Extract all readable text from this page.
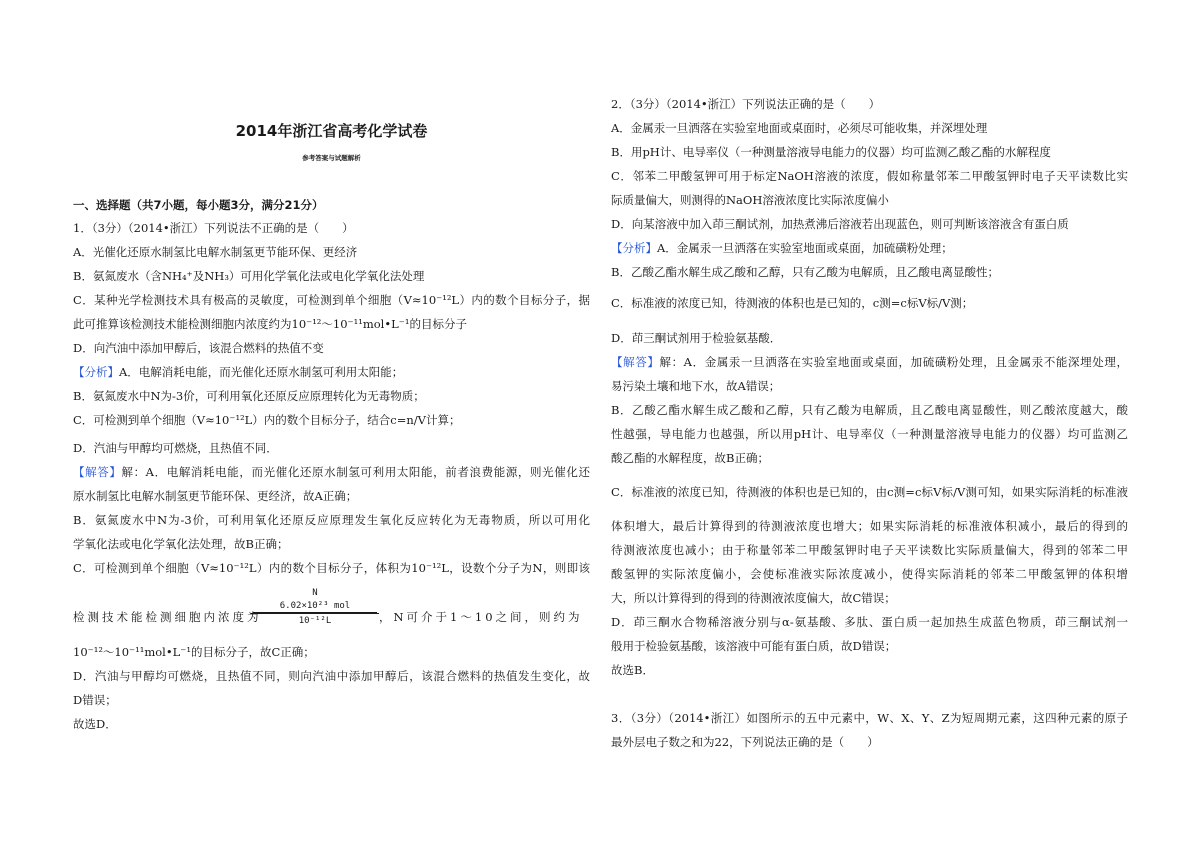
2014年浙江省高考化学试卷
参考答案与试题解析
一、选择题（共7小题，每小题3分，满分21分）
1．（3分）（2014•浙江）下列说法不正确的是（　　）
A．光催化还原水制氢比电解水制氢更节能环保、更经济
B．氨氮废水（含NH₄⁺及NH₃）可用化学氧化法或电化学氧化法处理
C．某种光学检测技术具有极高的灵敏度，可检测到单个细胞（V≈10⁻¹²L）内的数个目标分子，据
此可推算该检测技术能检测细胞内浓度约为10⁻¹²～10⁻¹¹mol•L⁻¹的目标分子
D．向汽油中添加甲醇后，该混合燃料的热值不变
【分析】A．电解消耗电能，而光催化还原水制氢可利用太阳能；
B．氨氮废水中N为-3价，可利用氧化还原反应原理转化为无毒物质；
C．可检测到单个细胞（V≈10⁻¹²L）内的数个目标分子，结合c=n/V计算；
D．汽油与甲醇均可燃烧，且热值不同．
【解答】解：A．电解消耗电能，而光催化还原水制氢可利用太阳能，前者浪费能源，则光催化还
原水制氢比电解水制氢更节能环保、更经济，故A正确；
B．氨氮废水中N为-3价，可利用氧化还原反应原理发生氧化反应转化为无毒物质，所以可用化
学氧化法或电化学氧化法处理，故B正确；
C．可检测到单个细胞（V≈10⁻¹²L）内的数个目标分子，体积为10⁻¹²L，设数个分子为N，则即该
检测技术能检测细胞内浓度为
N
6.02×10²³ mol
10⁻¹²L	，N可介于1～10之间，则约为
10⁻¹²～10⁻¹¹mol•L⁻¹的目标分子，故C正确；
D．汽油与甲醇均可燃烧，且热值不同，则向汽油中添加甲醇后，该混合燃料的热值发生变化，故
D错误；
故选D．
2．（3分）（2014•浙江）下列说法正确的是（　　）
A．金属汞一旦洒落在实验室地面或桌面时，必须尽可能收集，并深埋处理
B．用pH计、电导率仪（一种测量溶液导电能力的仪器）均可监测乙酸乙酯的水解程度
C．邻苯二甲酸氢钾可用于标定NaOH溶液的浓度，假如称量邻苯二甲酸氢钾时电子天平读数比实
际质量偏大，则测得的NaOH溶液浓度比实际浓度偏小
D．向某溶液中加入茚三酮试剂，加热煮沸后溶液若出现蓝色，则可判断该溶液含有蛋白质
【分析】A．金属汞一旦洒落在实验室地面或桌面，加硫磺粉处理；
B．乙酸乙酯水解生成乙酸和乙醇，只有乙酸为电解质，且乙酸电离显酸性；
C．标准液的浓度已知，待测液的体积也是已知的，c测=c标V标/V测；
D．茚三酮试剂用于检验氨基酸．
【解答】解：A．金属汞一旦洒落在实验室地面或桌面，加硫磺粉处理，且金属汞不能深埋处理，
易污染土壤和地下水，故A错误；
B．乙酸乙酯水解生成乙酸和乙醇，只有乙酸为电解质，且乙酸电离显酸性，则乙酸浓度越大，酸
性越强，导电能力也越强，所以用pH计、电导率仪（一种测量溶液导电能力的仪器）均可监测乙
酸乙酯的水解程度，故B正确；
C．标准液的浓度已知，待测液的体积也是已知的，由c测=c标V标/V测可知，如果实际消耗的标准液
体积增大，最后计算得到的待测液浓度也增大；如果实际消耗的标准液体积减小，最后的得到的
待测液浓度也减小；由于称量邻苯二甲酸氢钾时电子天平读数比实际质量偏大，得到的邻苯二甲
酸氢钾的实际浓度偏小，会使标准液实际浓度减小，使得实际消耗的邻苯二甲酸氢钾的体积增
大，所以计算得到的得到的待测液浓度偏大，故C错误；
D．茚三酮水合物稀溶液分别与α-氨基酸、多肽、蛋白质一起加热生成蓝色物质，茚三酮试剂一
般用于检验氨基酸，该溶液中可能有蛋白质，故D错误；
故选B．
3．（3分）（2014•浙江）如图所示的五中元素中，W、X、Y、Z为短周期元素，这四种元素的原子
最外层电子数之和为22，下列说法正确的是（　　）
